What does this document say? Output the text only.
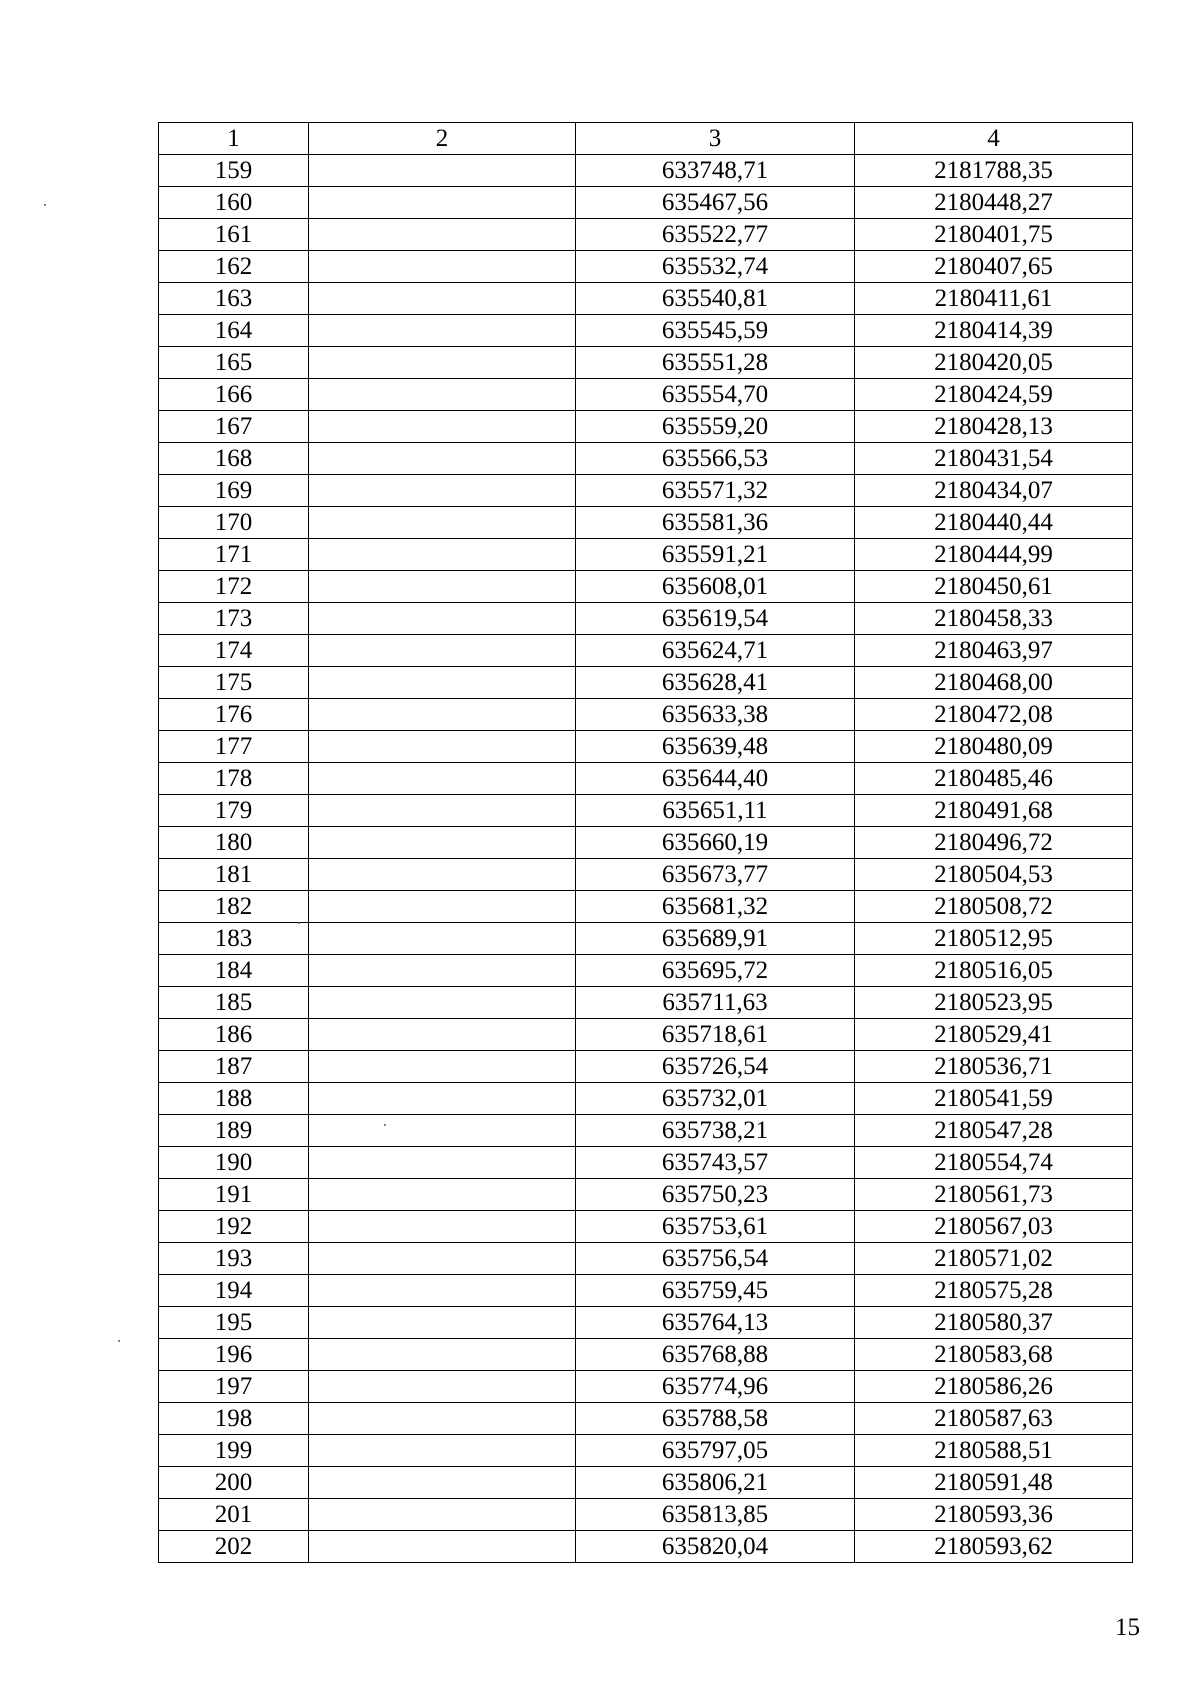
1	2	3	4
159		633748,71	2181788,35
160		635467,56	2180448,27
161		635522,77	2180401,75
162		635532,74	2180407,65
163		635540,81	2180411,61
164		635545,59	2180414,39
165		635551,28	2180420,05
166		635554,70	2180424,59
167		635559,20	2180428,13
168		635566,53	2180431,54
169		635571,32	2180434,07
170		635581,36	2180440,44
171		635591,21	2180444,99
172		635608,01	2180450,61
173		635619,54	2180458,33
174		635624,71	2180463,97
175		635628,41	2180468,00
176		635633,38	2180472,08
177		635639,48	2180480,09
178		635644,40	2180485,46
179		635651,11	2180491,68
180		635660,19	2180496,72
181		635673,77	2180504,53
182		635681,32	2180508,72
183		635689,91	2180512,95
184		635695,72	2180516,05
185		635711,63	2180523,95
186		635718,61	2180529,41
187		635726,54	2180536,71
188		635732,01	2180541,59
189		635738,21	2180547,28
190		635743,57	2180554,74
191		635750,23	2180561,73
192		635753,61	2180567,03
193		635756,54	2180571,02
194		635759,45	2180575,28
195		635764,13	2180580,37
196		635768,88	2180583,68
197		635774,96	2180586,26
198		635788,58	2180587,63
199		635797,05	2180588,51
200		635806,21	2180591,48
201		635813,85	2180593,36
202		635820,04	2180593,62
15
